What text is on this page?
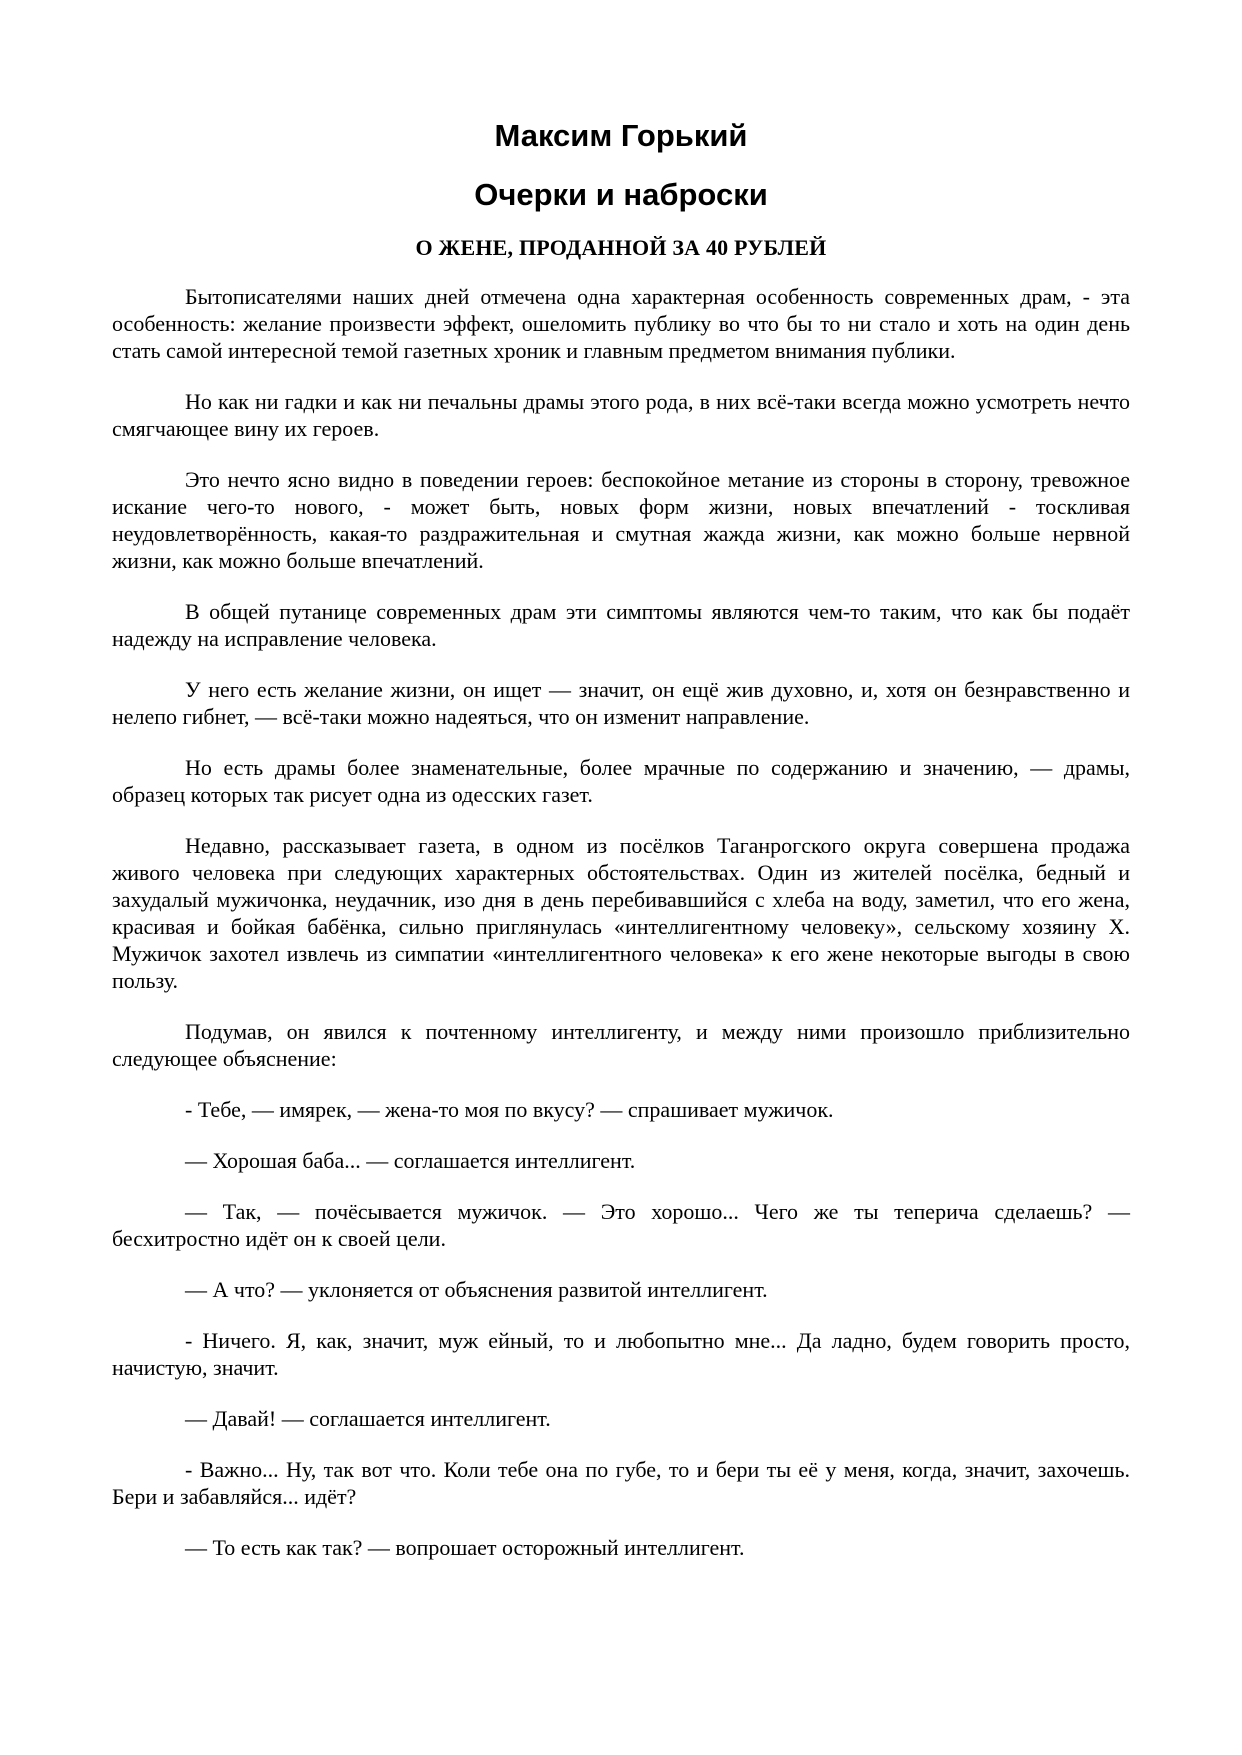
Максим Горький
Очерки и наброски
О ЖЕНЕ, ПРОДАННОЙ ЗА 40 РУБЛЕЙ

Бытописателями наших дней отмечена одна характерная особенность современных драм, - эта особенность: желание произвести эффект, ошеломить публику во что бы то ни стало и хоть на один день стать самой интересной темой газетных хроник и главным предметом внимания публики.

Но как ни гадки и как ни печальны драмы этого рода, в них всё-таки всегда можно усмотреть нечто смягчающее вину их героев.

Это нечто ясно видно в поведении героев: беспокойное метание из стороны в сторону, тревожное искание чего-то нового, - может быть, новых форм жизни, новых впечатлений - тоскливая неудовлетворённость, какая-то раздражительная и смутная жажда жизни, как можно больше нервной жизни, как можно больше впечатлений.

В общей путанице современных драм эти симптомы являются чем-то таким, что как бы подаёт надежду на исправление человека.

У него есть желание жизни, он ищет — значит, он ещё жив духовно, и, хотя он безнравственно и нелепо гибнет, — всё-таки можно надеяться, что он изменит направление.

Но есть драмы более знаменательные, более мрачные по содержанию и значению, — драмы, образец которых так рисует одна из одесских газет.

Недавно, рассказывает газета, в одном из посёлков Таганрогского округа совершена продажа живого человека при следующих характерных обстоятельствах. Один из жителей посёлка, бедный и захудалый мужичонка, неудачник, изо дня в день перебивавшийся с хлеба на воду, заметил, что его жена, красивая и бойкая бабёнка, сильно приглянулась «интеллигентному человеку», сельскому хозяину X. Мужичок захотел извлечь из симпатии «интеллигентного человека» к его жене некоторые выгоды в свою пользу.

Подумав, он явился к почтенному интеллигенту, и между ними произошло приблизительно следующее объяснение:

- Тебе, — имярек, — жена-то моя по вкусу? — спрашивает мужичок.

— Хорошая баба... — соглашается интеллигент.

— Так, — почёсывается мужичок. — Это хорошо... Чего же ты теперича сделаешь? — бесхитростно идёт он к своей цели.

— А что? — уклоняется от объяснения развитой интеллигент.

- Ничего. Я, как, значит, муж ейный, то и любопытно мне... Да ладно, будем говорить просто, начистую, значит.

— Давай! — соглашается интеллигент.

- Важно... Ну, так вот что. Коли тебе она по губе, то и бери ты её у меня, когда, значит, захочешь. Бери и забавляйся... идёт?

— То есть как так? — вопрошает осторожный интеллигент.
